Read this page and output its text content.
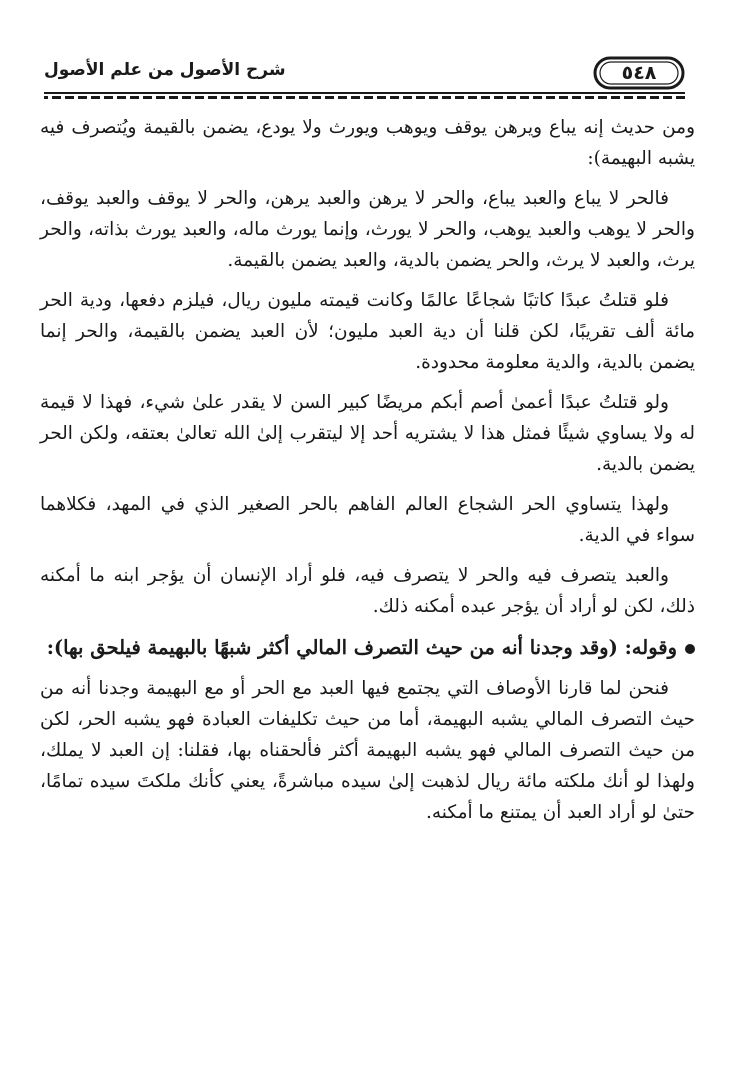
٥٤٨
شرح الأصول من علم الأصول

ومن حديث إنه يباع ويرهن يوقف ويوهب ويورث ولا يودع، يضمن بالقيمة ويُتصرف فيه يشبه البهيمة):

فالحر لا يباع والعبد يباع، والحر لا يرهن والعبد يرهن، والحر لا يوقف والعبد يوقف، والحر لا يوهب والعبد يوهب، والحر لا يورث، وإنما يورث ماله، والعبد يورث بذاته، والحر يرث، والعبد لا يرث، والحر يضمن بالدية، والعبد يضمن بالقيمة.

فلو قتلتُ عبدًا كاتبًا شجاعًا عالمًا وكانت قيمته مليون ريال، فيلزم دفعها، ودية الحر مائة ألف تقريبًا، لكن قلنا أن دية العبد مليون؛ لأن العبد يضمن بالقيمة، والحر إنما يضمن بالدية، والدية معلومة محدودة.

ولو قتلتُ عبدًا أعمىٰ أصم أبكم مريضًا كبير السن لا يقدر علىٰ شيء، فهذا لا قيمة له ولا يساوي شيئًا فمثل هذا لا يشتريه أحد إلا ليتقرب إلىٰ الله تعالىٰ بعتقه، ولكن الحر يضمن بالدية.

ولهذا يتساوي الحر الشجاع العالم الفاهم بالحر الصغير الذي في المهد، فكلاهما سواء في الدية.

والعبد يتصرف فيه والحر لا يتصرف فيه، فلو أراد الإنسان أن يؤجر ابنه ما أمكنه ذلك، لكن لو أراد أن يؤجر عبده أمكنه ذلك.

وقوله: (وقد وجدنا أنه من حيث التصرف المالي أكثر شبهًا بالبهيمة فيلحق بها):

فنحن لما قارنا الأوصاف التي يجتمع فيها العبد مع الحر أو مع البهيمة وجدنا أنه من حيث التصرف المالي يشبه البهيمة، أما من حيث تكليفات العبادة فهو يشبه الحر، لكن من حيث التصرف المالي فهو يشبه البهيمة أكثر فألحقناه بها، فقلنا: إن العبد لا يملك، ولهذا لو أنك ملكته مائة ريال لذهبت إلىٰ سيده مباشرةً، يعني كأنك ملكتَ سيده تمامًا، حتىٰ لو أراد العبد أن يمتنع ما أمكنه.
